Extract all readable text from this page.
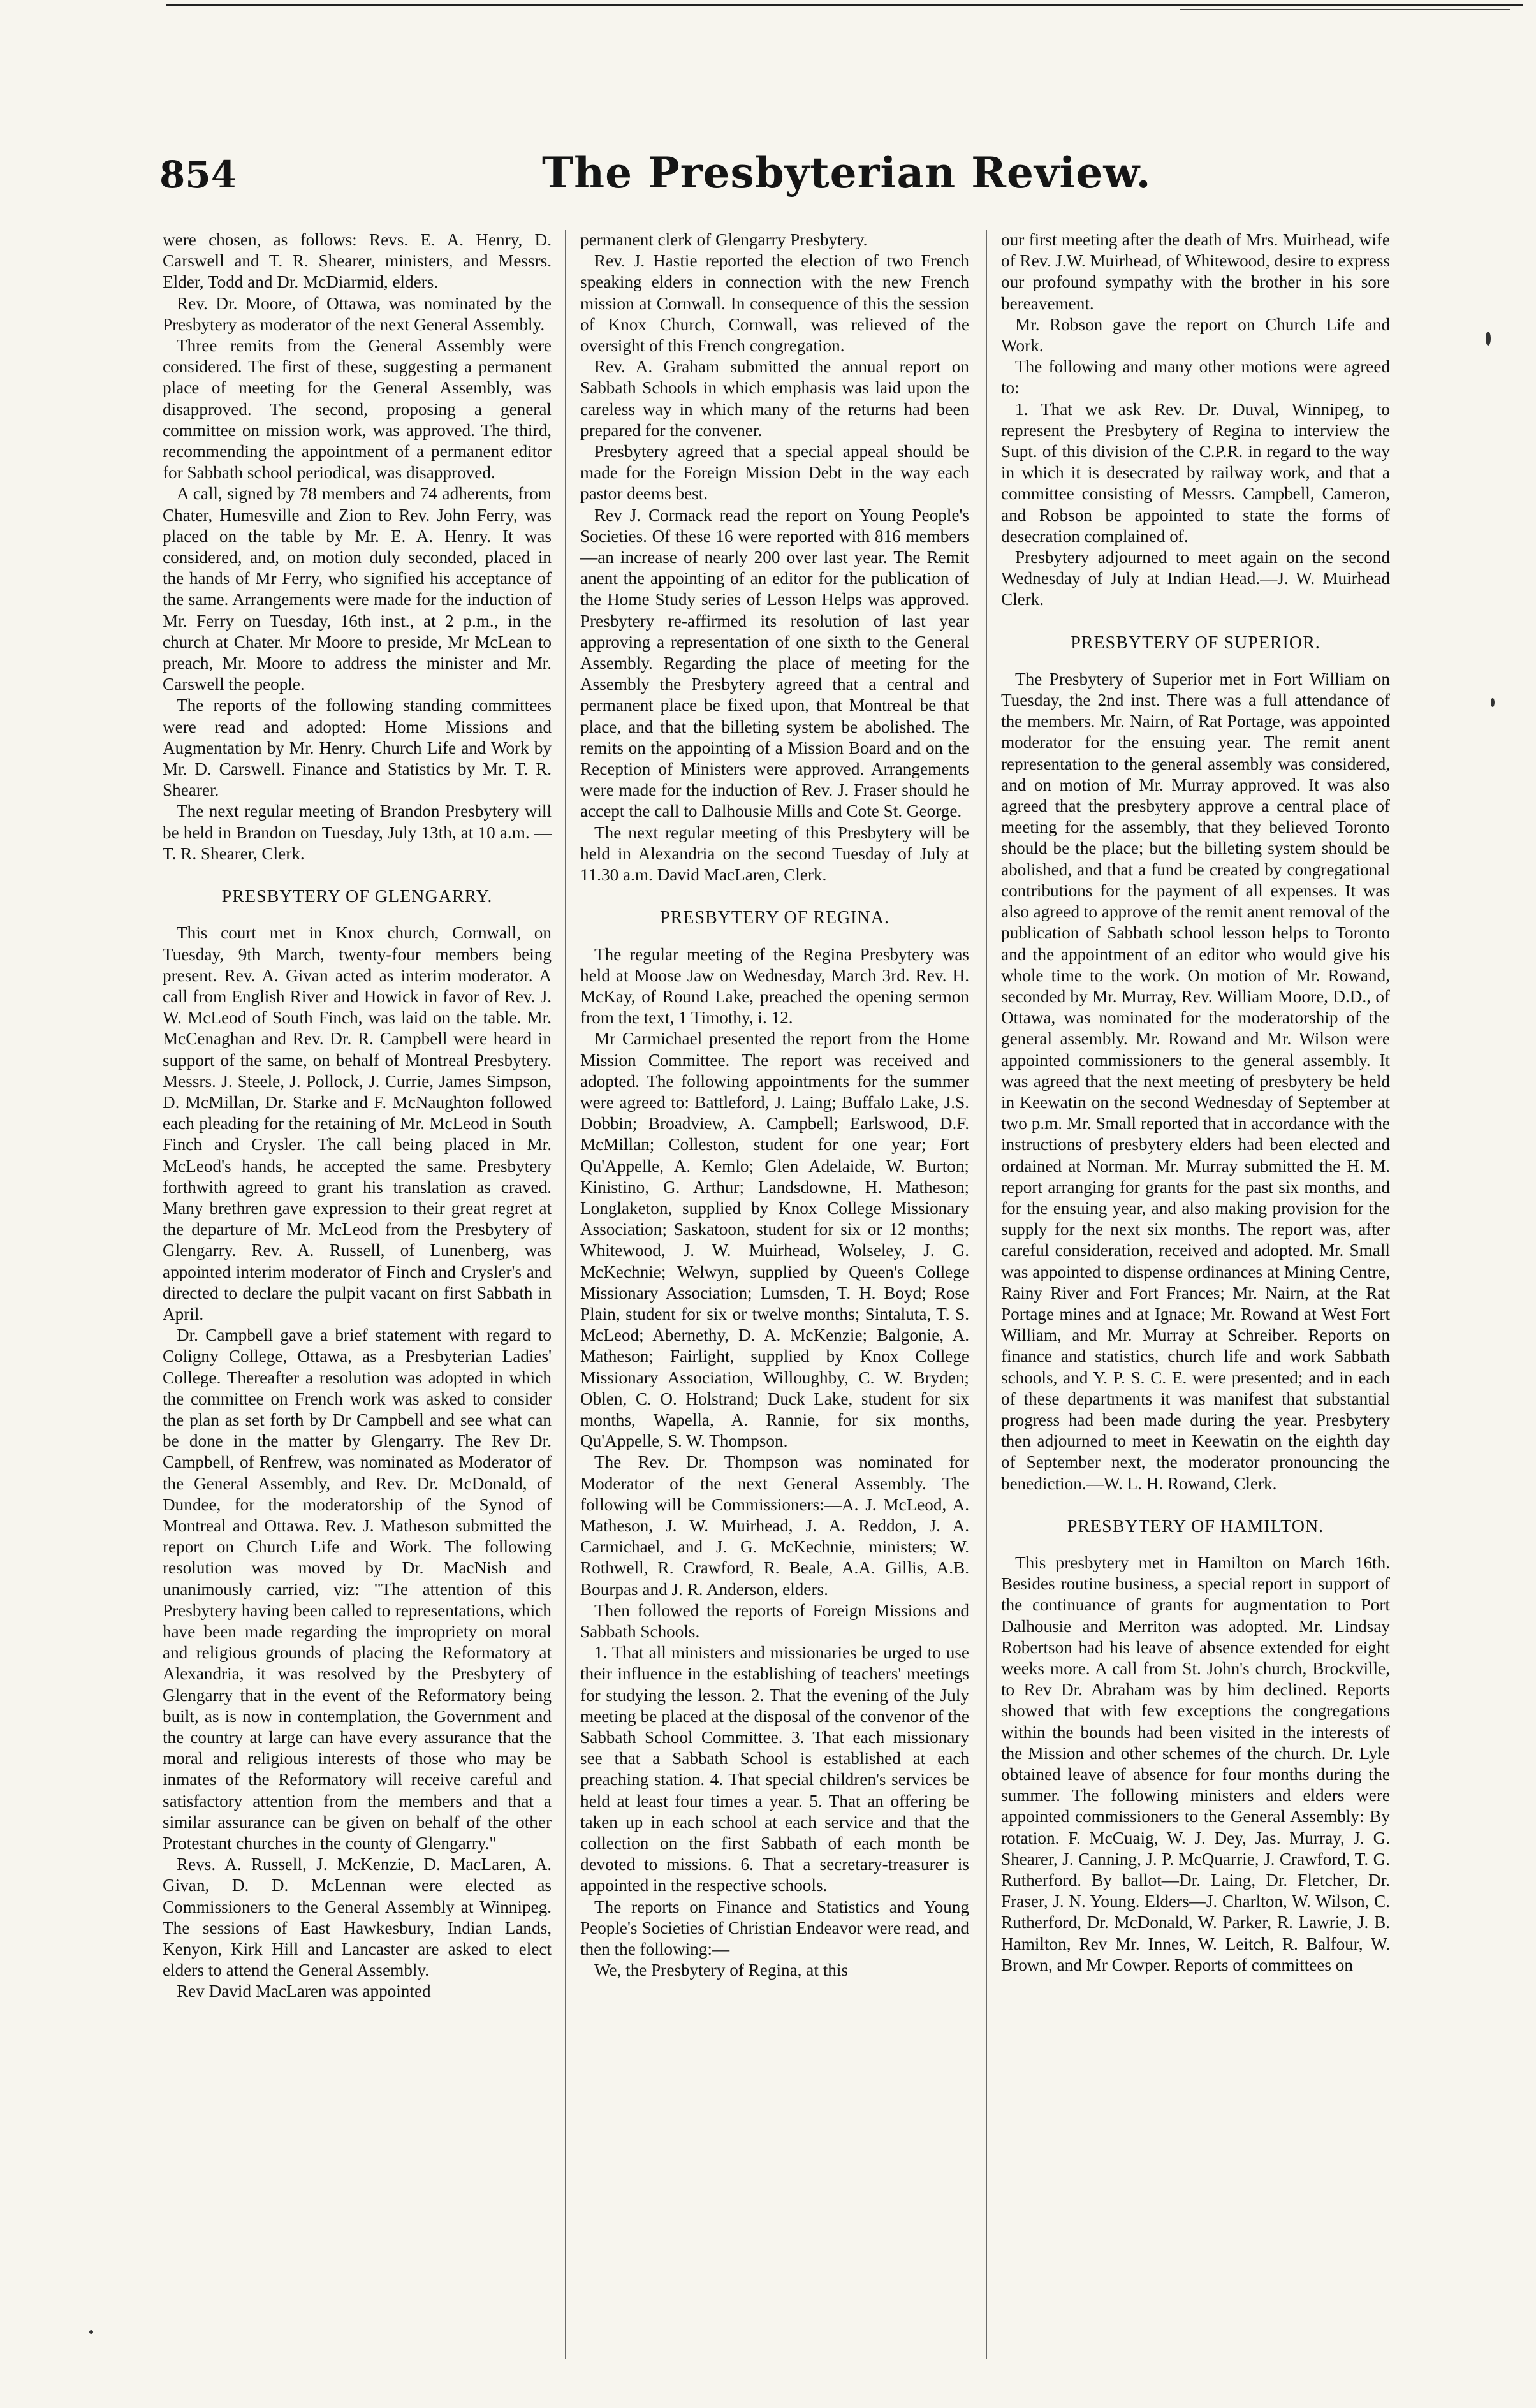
854	The Presbyterian Review.

were chosen, as follows: Revs. E. A. Henry, D. Carswell and T. R. Shearer, ministers, and Messrs. Elder, Todd and Dr. McDiarmid, elders.

Rev. Dr. Moore, of Ottawa, was nominated by the Presbytery as moderator of the next General Assembly.

Three remits from the General Assembly were considered. The first of these, suggesting a permanent place of meeting for the General Assembly, was disapproved. The second, proposing a general committee on mission work, was approved. The third, recommending the appointment of a permanent editor for Sabbath school periodical, was disapproved.

A call, signed by 78 members and 74 adherents, from Chater, Humesville and Zion to Rev. John Ferry, was placed on the table by Mr. E. A. Henry. It was considered, and, on motion duly seconded, placed in the hands of Mr Ferry, who signified his acceptance of the same. Arrangements were made for the induction of Mr. Ferry on Tuesday, 16th inst., at 2 p.m., in the church at Chater. Mr Moore to preside, Mr McLean to preach, Mr. Moore to address the minister and Mr. Carswell the people.

The reports of the following standing committees were read and adopted: Home Missions and Augmentation by Mr. Henry. Church Life and Work by Mr. D. Carswell. Finance and Statistics by Mr. T. R. Shearer.

The next regular meeting of Brandon Presbytery will be held in Brandon on Tuesday, July 13th, at 10 a.m. —T. R. Shearer, Clerk.

PRESBYTERY OF GLENGARRY.

This court met in Knox church, Cornwall, on Tuesday, 9th March, twenty-four members being present. Rev. A. Givan acted as interim moderator. A call from English River and Howick in favor of Rev. J. W. McLeod of South Finch, was laid on the table. Mr. McCenaghan and Rev. Dr. R. Campbell were heard in support of the same, on behalf of Montreal Presbytery. Messrs. J. Steele, J. Pollock, J. Currie, James Simpson, D. McMillan, Dr. Starke and F. McNaughton followed each pleading for the retaining of Mr. McLeod in South Finch and Crysler. The call being placed in Mr. McLeod's hands, he accepted the same. Presbytery forthwith agreed to grant his translation as craved. Many brethren gave expression to their great regret at the departure of Mr. McLeod from the Presbytery of Glengarry. Rev. A. Russell, of Lunenberg, was appointed interim moderator of Finch and Crysler's and directed to declare the pulpit vacant on first Sabbath in April.

Dr. Campbell gave a brief statement with regard to Coligny College, Ottawa, as a Presbyterian Ladies' College. Thereafter a resolution was adopted in which the committee on French work was asked to consider the plan as set forth by Dr Campbell and see what can be done in the matter by Glengarry. The Rev Dr. Campbell, of Renfrew, was nominated as Moderator of the General Assembly, and Rev. Dr. McDonald, of Dundee, for the moderatorship of the Synod of Montreal and Ottawa. Rev. J. Matheson submitted the report on Church Life and Work. The following resolution was moved by Dr. MacNish and unanimously carried, viz: "The attention of this Presbytery having been called to representations, which have been made regarding the impropriety on moral and religious grounds of placing the Reformatory at Alexandria, it was resolved by the Presbytery of Glengarry that in the event of the Reformatory being built, as is now in contemplation, the Government and the country at large can have every assurance that the moral and religious interests of those who may be inmates of the Reformatory will receive careful and satisfactory attention from the members and that a similar assurance can be given on behalf of the other Protestant churches in the county of Glengarry."

Revs. A. Russell, J. McKenzie, D. MacLaren, A. Givan, D. D. McLennan were elected as Commissioners to the General Assembly at Winnipeg. The sessions of East Hawkesbury, Indian Lands, Kenyon, Kirk Hill and Lancaster are asked to elect elders to attend the General Assembly.

Rev David MacLaren was appointed

permanent clerk of Glengarry Presbytery.

Rev. J. Hastie reported the election of two French speaking elders in connection with the new French mission at Cornwall. In consequence of this the session of Knox Church, Cornwall, was relieved of the oversight of this French congregation.

Rev. A. Graham submitted the annual report on Sabbath Schools in which emphasis was laid upon the careless way in which many of the returns had been prepared for the convener.

Presbytery agreed that a special appeal should be made for the Foreign Mission Debt in the way each pastor deems best.

Rev J. Cormack read the report on Young People's Societies. Of these 16 were reported with 816 members—an increase of nearly 200 over last year. The Remit anent the appointing of an editor for the publication of the Home Study series of Lesson Helps was approved. Presbytery re-affirmed its resolution of last year approving a representation of one sixth to the General Assembly. Regarding the place of meeting for the Assembly the Presbytery agreed that a central and permanent place be fixed upon, that Montreal be that place, and that the billeting system be abolished. The remits on the appointing of a Mission Board and on the Reception of Ministers were approved. Arrangements were made for the induction of Rev. J. Fraser should he accept the call to Dalhousie Mills and Cote St. George.

The next regular meeting of this Presbytery will be held in Alexandria on the second Tuesday of July at 11.30 a.m. David MacLaren, Clerk.

PRESBYTERY OF REGINA.

The regular meeting of the Regina Presbytery was held at Moose Jaw on Wednesday, March 3rd. Rev. H. McKay, of Round Lake, preached the opening sermon from the text, 1 Timothy, i. 12.

Mr Carmichael presented the report from the Home Mission Committee. The report was received and adopted. The following appointments for the summer were agreed to: Battleford, J. Laing; Buffalo Lake, J.S. Dobbin; Broadview, A. Campbell; Earlswood, D.F. McMillan; Colleston, student for one year; Fort Qu'Appelle, A. Kemlo; Glen Adelaide, W. Burton; Kinistino, G. Arthur; Landsdowne, H. Matheson; Longlaketon, supplied by Knox College Missionary Association; Saskatoon, student for six or 12 months; Whitewood, J. W. Muirhead, Wolseley, J. G. McKechnie; Welwyn, supplied by Queen's College Missionary Association; Lumsden, T. H. Boyd; Rose Plain, student for six or twelve months; Sintaluta, T. S. McLeod; Abernethy, D. A. McKenzie; Balgonie, A. Matheson; Fairlight, supplied by Knox College Missionary Association, Willoughby, C. W. Bryden; Oblen, C. O. Holstrand; Duck Lake, student for six months, Wapella, A. Rannie, for six months, Qu'Appelle, S. W. Thompson.

The Rev. Dr. Thompson was nominated for Moderator of the next General Assembly. The following will be Commissioners:—A. J. McLeod, A. Matheson, J. W. Muirhead, J. A. Reddon, J. A. Carmichael, and J. G. McKechnie, ministers; W. Rothwell, R. Crawford, R. Beale, A.A. Gillis, A.B. Bourpas and J. R. Anderson, elders.

Then followed the reports of Foreign Missions and Sabbath Schools.

1. That all ministers and missionaries be urged to use their influence in the establishing of teachers' meetings for studying the lesson. 2. That the evening of the July meeting be placed at the disposal of the convenor of the Sabbath School Committee. 3. That each missionary see that a Sabbath School is established at each preaching station. 4. That special children's services be held at least four times a year. 5. That an offering be taken up in each school at each service and that the collection on the first Sabbath of each month be devoted to missions. 6. That a secretary-treasurer is appointed in the respective schools.

The reports on Finance and Statistics and Young People's Societies of Christian Endeavor were read, and then the following:—

We, the Presbytery of Regina, at this

our first meeting after the death of Mrs. Muirhead, wife of Rev. J.W. Muirhead, of Whitewood, desire to express our profound sympathy with the brother in his sore bereavement.

Mr. Robson gave the report on Church Life and Work.

The following and many other motions were agreed to:

1. That we ask Rev. Dr. Duval, Winnipeg, to represent the Presbytery of Regina to interview the Supt. of this division of the C.P.R. in regard to the way in which it is desecrated by railway work, and that a committee consisting of Messrs. Campbell, Cameron, and Robson be appointed to state the forms of desecration complained of.

Presbytery adjourned to meet again on the second Wednesday of July at Indian Head.—J. W. Muirhead Clerk.

PRESBYTERY OF SUPERIOR.

The Presbytery of Superior met in Fort William on Tuesday, the 2nd inst. There was a full attendance of the members. Mr. Nairn, of Rat Portage, was appointed moderator for the ensuing year. The remit anent representation to the general assembly was considered, and on motion of Mr. Murray approved. It was also agreed that the presbytery approve a central place of meeting for the assembly, that they believed Toronto should be the place; but the billeting system should be abolished, and that a fund be created by congregational contributions for the payment of all expenses. It was also agreed to approve of the remit anent removal of the publication of Sabbath school lesson helps to Toronto and the appointment of an editor who would give his whole time to the work. On motion of Mr. Rowand, seconded by Mr. Murray, Rev. William Moore, D.D., of Ottawa, was nominated for the moderatorship of the general assembly. Mr. Rowand and Mr. Wilson were appointed commissioners to the general assembly. It was agreed that the next meeting of presbytery be held in Keewatin on the second Wednesday of September at two p.m. Mr. Small reported that in accordance with the instructions of presbytery elders had been elected and ordained at Norman. Mr. Murray submitted the H. M. report arranging for grants for the past six months, and for the ensuing year, and also making provision for the supply for the next six months. The report was, after careful consideration, received and adopted. Mr. Small was appointed to dispense ordinances at Mining Centre, Rainy River and Fort Frances; Mr. Nairn, at the Rat Portage mines and at Ignace; Mr. Rowand at West Fort William, and Mr. Murray at Schreiber. Reports on finance and statistics, church life and work Sabbath schools, and Y. P. S. C. E. were presented; and in each of these departments it was manifest that substantial progress had been made during the year. Presbytery then adjourned to meet in Keewatin on the eighth day of September next, the moderator pronouncing the benediction.—W. L. H. Rowand, Clerk.

PRESBYTERY OF HAMILTON.

This presbytery met in Hamilton on March 16th. Besides routine business, a special report in support of the continuance of grants for augmentation to Port Dalhousie and Merriton was adopted. Mr. Lindsay Robertson had his leave of absence extended for eight weeks more. A call from St. John's church, Brockville, to Rev Dr. Abraham was by him declined. Reports showed that with few exceptions the congregations within the bounds had been visited in the interests of the Mission and other schemes of the church. Dr. Lyle obtained leave of absence for four months during the summer. The following ministers and elders were appointed commissioners to the General Assembly: By rotation. F. McCuaig, W. J. Dey, Jas. Murray, J. G. Shearer, J. Canning, J. P. McQuarrie, J. Crawford, T. G. Rutherford. By ballot—Dr. Laing, Dr. Fletcher, Dr. Fraser, J. N. Young. Elders—J. Charlton, W. Wilson, C. Rutherford, Dr. McDonald, W. Parker, R. Lawrie, J. B. Hamilton, Rev Mr. Innes, W. Leitch, R. Balfour, W. Brown, and Mr Cowper. Reports of committees on
